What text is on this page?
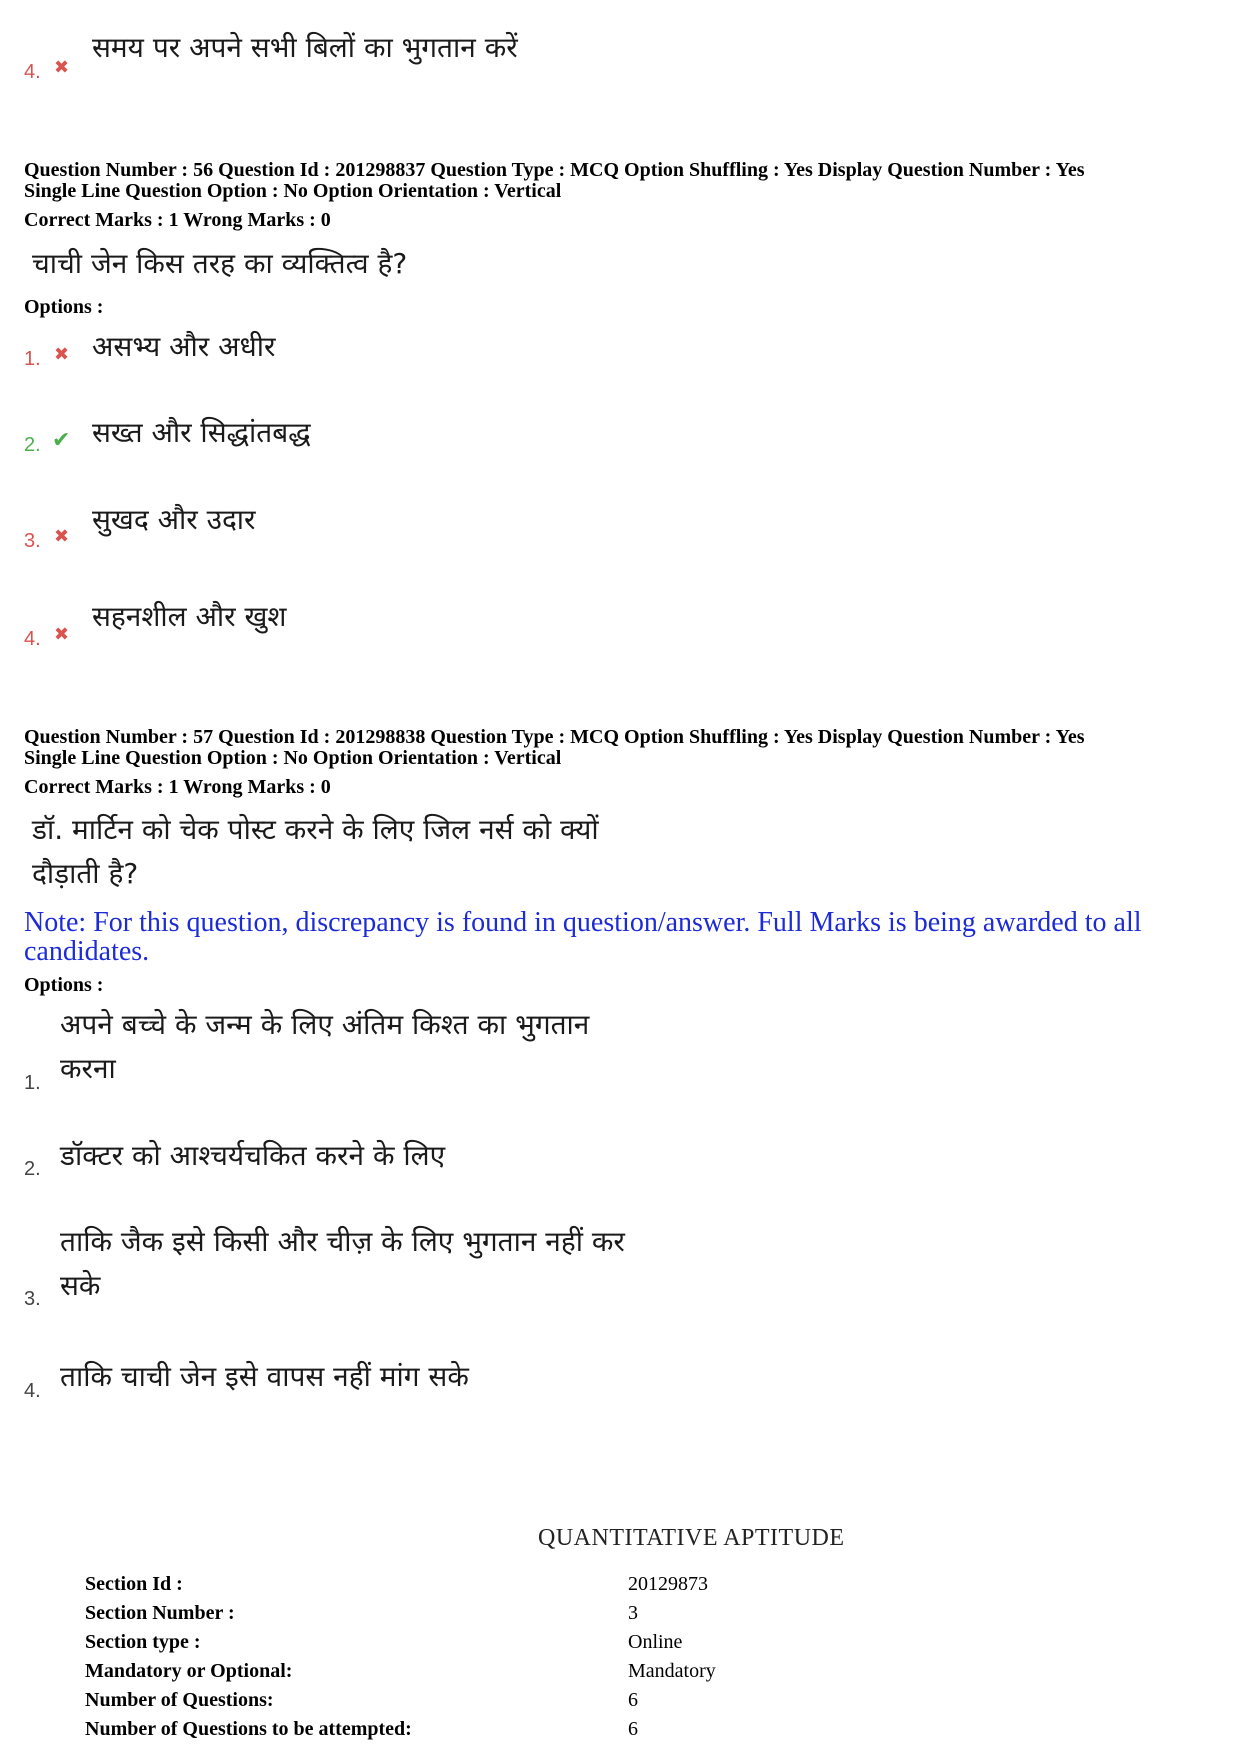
4. ✖
समय पर अपने सभी बिलों का भुगतान करें
Question Number : 56 Question Id : 201298837 Question Type : MCQ Option Shuffling : Yes Display Question Number : Yes
Single Line Question Option : No Option Orientation : Vertical
Correct Marks : 1 Wrong Marks : 0
चाची जेन किस तरह का व्यक्तित्व है?
Options :
1. ✖ असभ्य और अधीर
2. ✔ सख्त और सिद्धांतबद्ध
3. ✖
सुखद और उदार
4. ✖
सहनशील और खुश
Question Number : 57 Question Id : 201298838 Question Type : MCQ Option Shuffling : Yes Display Question Number : Yes
Single Line Question Option : No Option Orientation : Vertical
Correct Marks : 1 Wrong Marks : 0
डॉ. मार्टिन को चेक पोस्ट करने के लिए जिल नर्स को क्यों
दौड़ाती है?
Note: For this question, discrepancy is found in question/answer. Full Marks is being awarded to all
candidates.
Options :
1.
अपने बच्चे के जन्म के लिए अंतिम किश्त का भुगतान
करना
2. डॉक्टर को आश्चर्यचकित करने के लिए
3.
ताकि जैक इसे किसी और चीज़ के लिए भुगतान नहीं कर
सके
4. ताकि चाची जेन इसे वापस नहीं मांग सके
QUANTITATIVE APTITUDE
Section Id :	20129873
Section Number :	3
Section type :	Online
Mandatory or Optional:	Mandatory
Number of Questions:	6
Number of Questions to be attempted:	6
